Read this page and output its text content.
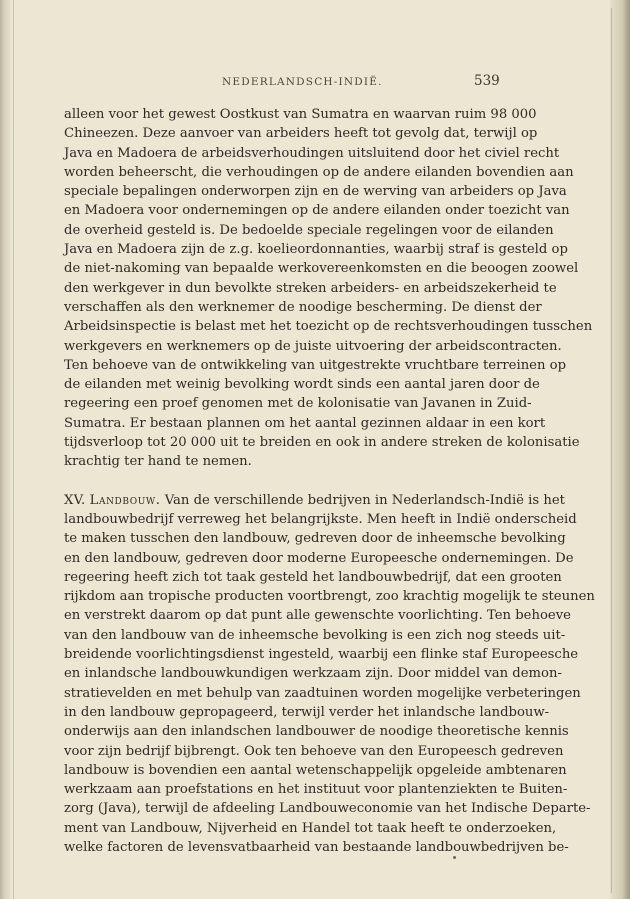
NEDERLANDSCH-INDIË.	539
alleen voor het gewest Oostkust van Sumatra en waarvan ruim 98 000
Chineezen. Deze aanvoer van arbeiders heeft tot gevolg dat, terwijl op
Java en Madoera de arbeidsverhoudingen uitsluitend door het civiel recht
worden beheerscht, die verhoudingen op de andere eilanden bovendien aan
speciale bepalingen onderworpen zijn en de werving van arbeiders op Java
en Madoera voor ondernemingen op de andere eilanden onder toezicht van
de overheid gesteld is. De bedoelde speciale regelingen voor de eilanden
Java en Madoera zijn de z.g. koelieordonnanties, waarbij straf is gesteld op
de niet-nakoming van bepaalde werkovereenkomsten en die beoogen zoowel
den werkgever in dun bevolkte streken arbeiders- en arbeidszekerheid te
verschaffen als den werknemer de noodige bescherming. De dienst der
Arbeidsinspectie is belast met het toezicht op de rechtsverhoudingen tusschen
werkgevers en werknemers op de juiste uitvoering der arbeidscontracten.
Ten behoeve van de ontwikkeling van uitgestrekte vruchtbare terreinen op
de eilanden met weinig bevolking wordt sinds een aantal jaren door de
regeering een proef genomen met de kolonisatie van Javanen in Zuid-
Sumatra. Er bestaan plannen om het aantal gezinnen aldaar in een kort
tijdsverloop tot 20 000 uit te breiden en ook in andere streken de kolonisatie
krachtig ter hand te nemen.
XV. Landbouw. Van de verschillende bedrijven in Nederlandsch-Indië is het
landbouwbedrijf verreweg het belangrijkste. Men heeft in Indië onderscheid
te maken tusschen den landbouw, gedreven door de inheemsche bevolking
en den landbouw, gedreven door moderne Europeesche ondernemingen. De
regeering heeft zich tot taak gesteld het landbouwbedrijf, dat een grooten
rijkdom aan tropische producten voortbrengt, zoo krachtig mogelijk te steunen
en verstrekt daarom op dat punt alle gewenschte voorlichting. Ten behoeve
van den landbouw van de inheemsche bevolking is een zich nog steeds uit-
breidende voorlichtingsdienst ingesteld, waarbij een flinke staf Europeesche
en inlandsche landbouwkundigen werkzaam zijn. Door middel van demon-
stratievelden en met behulp van zaadtuinen worden mogelijke verbeteringen
in den landbouw gepropageerd, terwijl verder het inlandsche landbouw-
onderwijs aan den inlandschen landbouwer de noodige theoretische kennis
voor zijn bedrijf bijbrengt. Ook ten behoeve van den Europeesch gedreven
landbouw is bovendien een aantal wetenschappelijk opgeleide ambtenaren
werkzaam aan proefstations en het instituut voor plantenziekten te Buiten-
zorg (Java), terwijl de afdeeling Landbouweconomie van het Indische Departe-
ment van Landbouw, Nijverheid en Handel tot taak heeft te onderzoeken,
welke factoren de levensvatbaarheid van bestaande landbouwbedrijven be-
